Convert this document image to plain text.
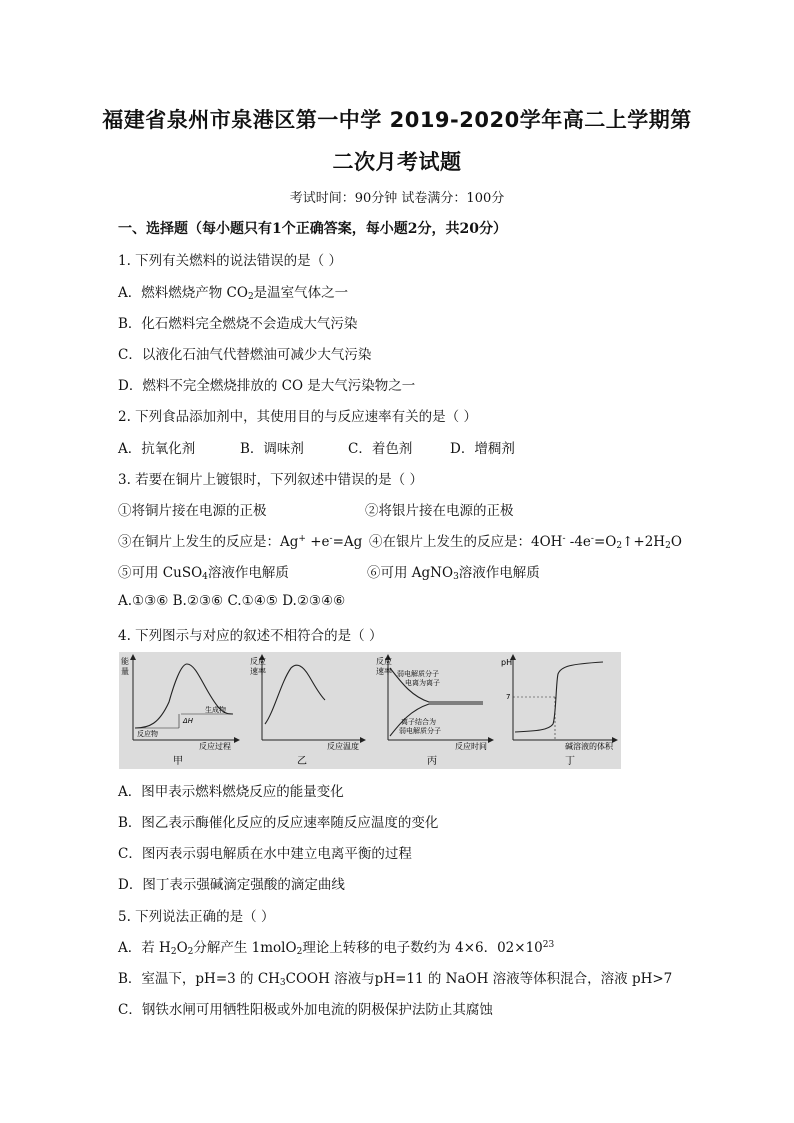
福建省泉州市泉港区第一中学 2019-2020学年高二上学期第
二次月考试题
考试时间：90分钟 试卷满分：100分
一、选择题（每小题只有1个正确答案，每小题2分，共20分）
1. 下列有关燃料的说法错误的是（ ）
A．燃料燃烧产物 $CO_2$是温室气体之一
B．化石燃料完全燃烧不会造成大气污染
C．以液化石油气代替燃油可减少大气污染
D．燃料不完全燃烧排放的 CO 是大气污染物之一
2. 下列食品添加剂中，其使用目的与反应速率有关的是（ ）
A．抗氧化剂	B．调味剂	C．着色剂	D．增稠剂
3. 若要在铜片上镀银时，下列叙述中错误的是（ ）
①将铜片接在电源的正极	②将银片接在电源的正极
③在铜片上发生的反应是：Ag+ +e-=Ag ④在银片上发生的反应是：4OH- $-4e^-=O_2↑+2H_2O$
⑤可用 CuSO$_4$溶液作电解质	⑥可用 AgNO$_3$溶液作电解质
A.①③⑥ B.②③⑥ C.①④⑤ D.②③④⑥
4. 下列图示与对应的叙述不相符合的是（ ）
能
量
ΔH
生成物
反应物
反应过程
甲
反应
速率
反应温度
乙
反应
速率 弱电解质分子
电离为离子
离子结合为
弱电解质分子
反应时间
丙
pH
7
碱溶液的体积
丁
A．图甲表示燃料燃烧反应的能量变化
B．图乙表示酶催化反应的反应速率随反应温度的变化
C．图丙表示弱电解质在水中建立电离平衡的过程
D．图丁表示强碱滴定强酸的滴定曲线
5. 下列说法正确的是（ ）
A．若 $H_2O_2$分解产生 1molO$_2$理论上转移的电子数约为 4×6．$02\times 10^{23}$
B．室温下，pH=3 的 $CH_3COOH$ 溶液与pH=11 的 NaOH 溶液等体积混合，溶液 pH>7
C．钢铁水闸可用牺牲阳极或外加电流的阴极保护法防止其腐蚀
